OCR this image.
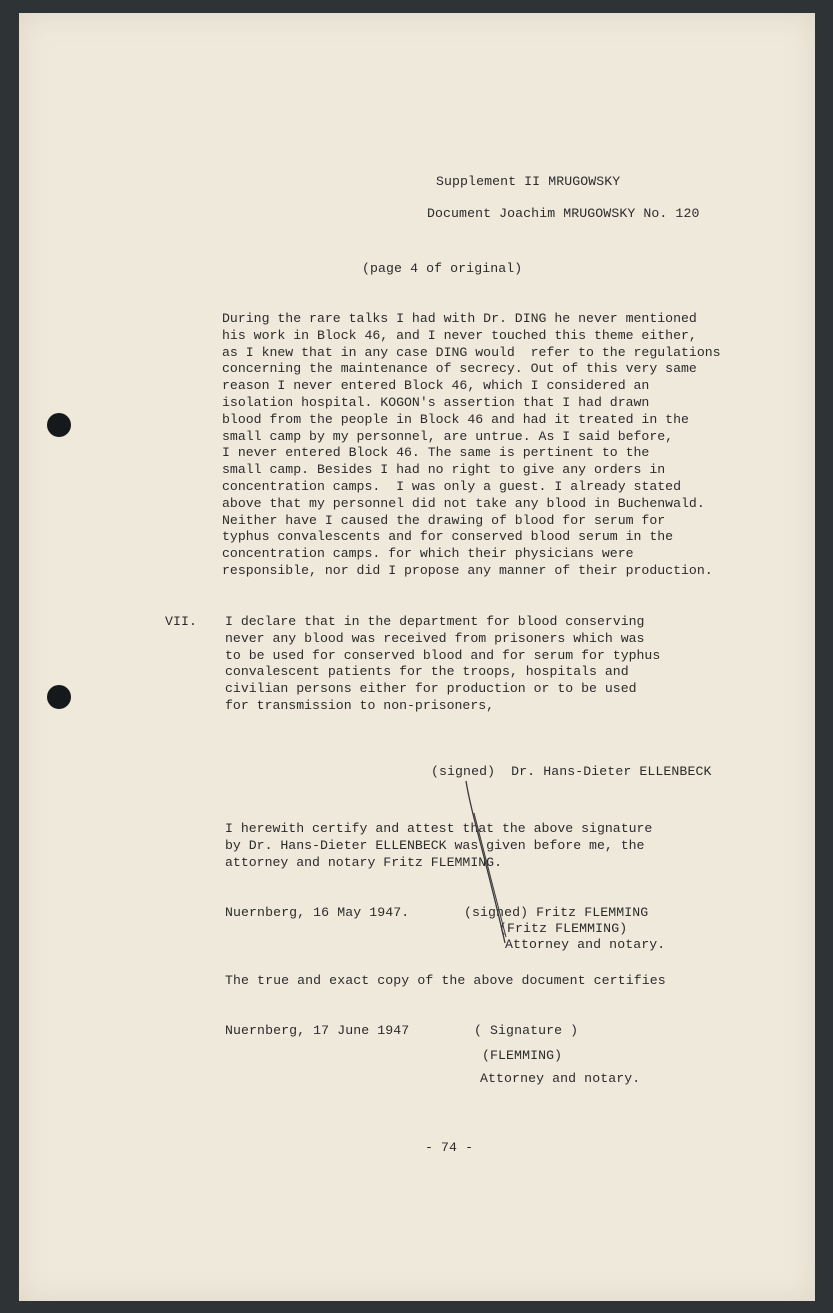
Supplement II MRUGOWSKY
Document Joachim MRUGOWSKY No. 120
(page 4 of original)
During the rare talks I had with Dr. DING he never mentioned
his work in Block 46, and I never touched this theme either,
as I knew that in any case DING would  refer to the regulations
concerning the maintenance of secrecy. Out of this very same
reason I never entered Block 46, which I considered an
isolation hospital. KOGON's assertion that I had drawn
blood from the people in Block 46 and had it treated in the
small camp by my personnel, are untrue. As I said before,
I never entered Block 46. The same is pertinent to the
small camp. Besides I had no right to give any orders in
concentration camps.  I was only a guest. I already stated
above that my personnel did not take any blood in Buchenwald.
Neither have I caused the drawing of blood for serum for
typhus convalescents and for conserved blood serum in the
concentration camps. for which their physicians were
responsible, nor did I propose any manner of their production.
VII. I declare that in the department for blood conserving
never any blood was received from prisoners which was
to be used for conserved blood and for serum for typhus
convalescent patients for the troops, hospitals and
civilian persons either for production or to be used
for transmission to non-prisoners,
(signed)  Dr. Hans-Dieter ELLENBECK
I herewith certify and attest that the above signature
by Dr. Hans-Dieter ELLENBECK was given before me, the
attorney and notary Fritz FLEMMING.
Nuernberg, 16 May 1947.	(signed) Fritz FLEMMING
(Fritz FLEMMING)
Attorney and notary.
The true and exact copy of the above document certifies
Nuernberg, 17 June 1947	( Signature )
(FLEMMING)
Attorney and notary.
- 74 -
